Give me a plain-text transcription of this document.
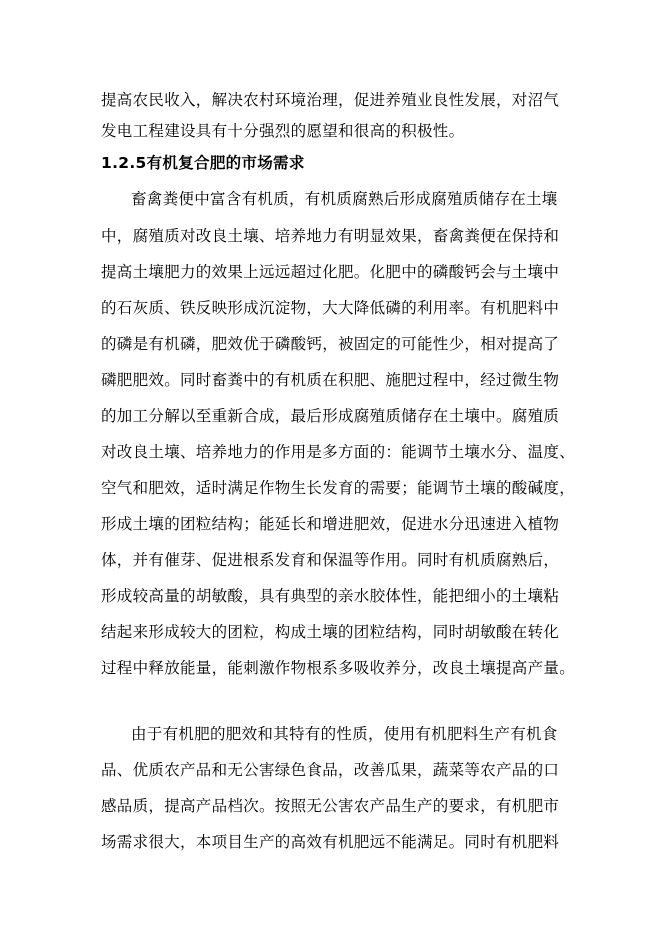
提高农民收入，解决农村环境治理，促进养殖业良性发展，对沼气
发电工程建设具有十分强烈的愿望和很高的积极性。
1.2.5有机复合肥的市场需求
畜禽粪便中富含有机质，有机质腐熟后形成腐殖质储存在土壤
中，腐殖质对改良土壤、培养地力有明显效果，畜禽粪便在保持和
提高土壤肥力的效果上远远超过化肥。化肥中的磷酸钙会与土壤中
的石灰质、铁反映形成沉淀物，大大降低磷的利用率。有机肥料中
的磷是有机磷，肥效优于磷酸钙，被固定的可能性少，相对提高了
磷肥肥效。同时畜粪中的有机质在积肥、施肥过程中，经过微生物
的加工分解以至重新合成，最后形成腐殖质储存在土壤中。腐殖质
对改良土壤、培养地力的作用是多方面的：能调节土壤水分、温度、
空气和肥效，适时满足作物生长发育的需要；能调节土壤的酸碱度，
形成土壤的团粒结构；能延长和增进肥效，促进水分迅速进入植物
体，并有催芽、促进根系发育和保温等作用。同时有机质腐熟后，
形成较高量的胡敏酸，具有典型的亲水胶体性，能把细小的土壤粘
结起来形成较大的团粒，构成土壤的团粒结构，同时胡敏酸在转化
过程中释放能量，能刺激作物根系多吸收养分，改良土壤提高产量。
由于有机肥的肥效和其特有的性质，使用有机肥料生产有机食
品、优质农产品和无公害绿色食品，改善瓜果，蔬菜等农产品的口
感品质，提高产品档次。按照无公害农产品生产的要求，有机肥市
场需求很大，本项目生产的高效有机肥远不能满足。同时有机肥料
